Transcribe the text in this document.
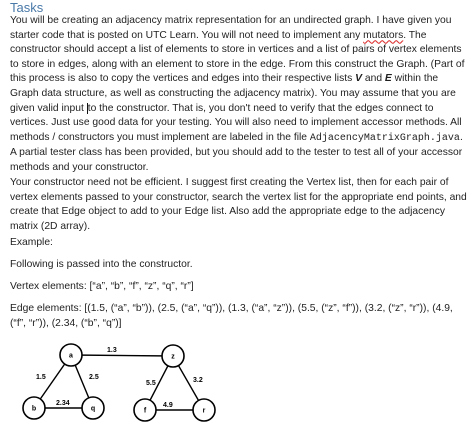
Tasks
You will be creating an adjacency matrix representation for an undirected graph. I have given you starter code that is posted on UTC Learn. You will not need to implement any mutators. The constructor should accept a list of elements to store in vertices and a list of pairs of vertex elements to store in edges, along with an element to store in the edge. From this construct the Graph. (Part of this process is also to copy the vertices and edges into their respective lists V and E within the Graph data structure, as well as constructing the adjacency matrix). You may assume that you are given valid input to the constructor. That is, you don't need to verify that the edges connect to vertices. Just use good data for your testing. You will also need to implement accessor methods. All methods / constructors you must implement are labeled in the file AdjacencyMatrixGraph.java. A partial tester class has been provided, but you should add to the tester to test all of your accessor methods and your constructor.
Your constructor need not be efficient. I suggest first creating the Vertex list, then for each pair of vertex elements passed to your constructor, search the vertex list for the appropriate end points, and create that Edge object to add to your Edge list. Also add the appropriate edge to the adjacency matrix (2D array).
Example:
Following is passed into the constructor.
Vertex elements: [“a”, “b”, “f”, “z”, “q”, “r”]
Edge elements: [(1.5, (“a”, “b”)), (2.5, (“a”, “q”)), (1.3, (“a”, “z”)), (5.5, (“z”, “f”)), (3.2, (“z”, “r”)), (4.9, (“f”, “r”)), (2.34, (“b”, “q”)]
a
b	q
z
f	r
1.3
1.5	2.5
5.5	3.2
2.34	4.9
